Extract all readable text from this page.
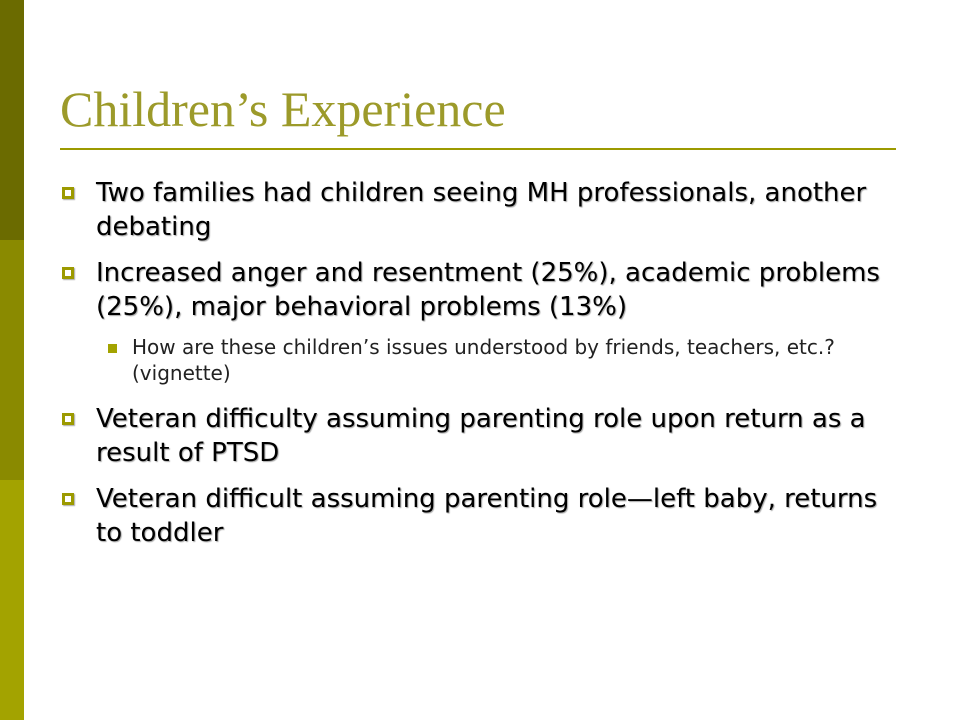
Children’s Experience
Two families had children seeing MH professionals, another debating
Increased anger and resentment (25%), academic problems (25%), major behavioral problems (13%)
How are these children’s issues understood by friends, teachers, etc.? (vignette)
Veteran difficulty assuming parenting role upon return as a result of PTSD
Veteran difficult assuming parenting role—left baby, returns to toddler
